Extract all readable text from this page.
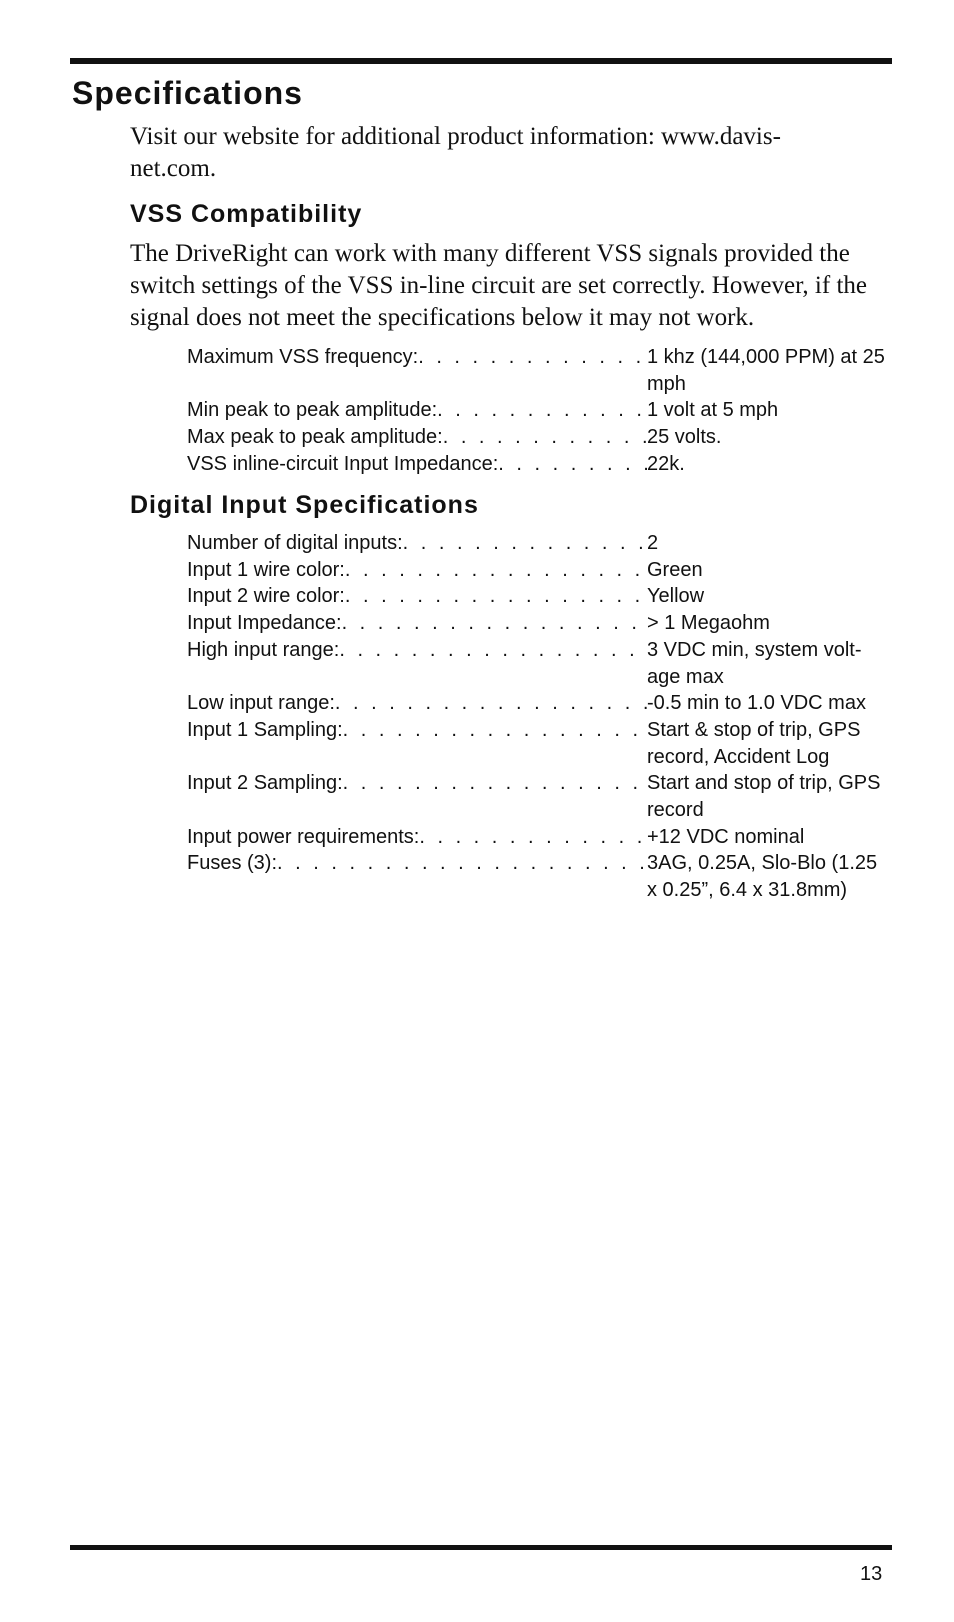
Specifications

Visit our website for additional product information: www.davis-net.com.

VSS Compatibility

The DriveRight can work with many different VSS signals provided the switch settings of the VSS in-line circuit are set correctly. However, if the signal does not meet the specifications below it may not work.

Maximum VSS frequency: . . .	1 khz (144,000 PPM) at 25 mph
Min peak to peak amplitude: . . .	1 volt at 5 mph
Max peak to peak amplitude: . . .	25 volts.
VSS inline-circuit Input Impedance: . . .	22k.
Digital Input Specifications
Number of digital inputs: . . .	2
Input 1 wire color: . . .	Green
Input 2 wire color: . . .	Yellow
Input Impedance: . . .	> 1 Megaohm
High input range: . . .	3 VDC min, system volt-age max
Low input range: . . .	-0.5 min to 1.0 VDC max
Input 1 Sampling: . . .	Start & stop of trip, GPS record, Accident Log
Input 2 Sampling: . . .	Start and stop of trip, GPS record
Input power requirements: . . .	+12 VDC nominal
Fuses (3): . . .	3AG, 0.25A, Slo-Blo (1.25 x 0.25”, 6.4 x 31.8mm)
13
